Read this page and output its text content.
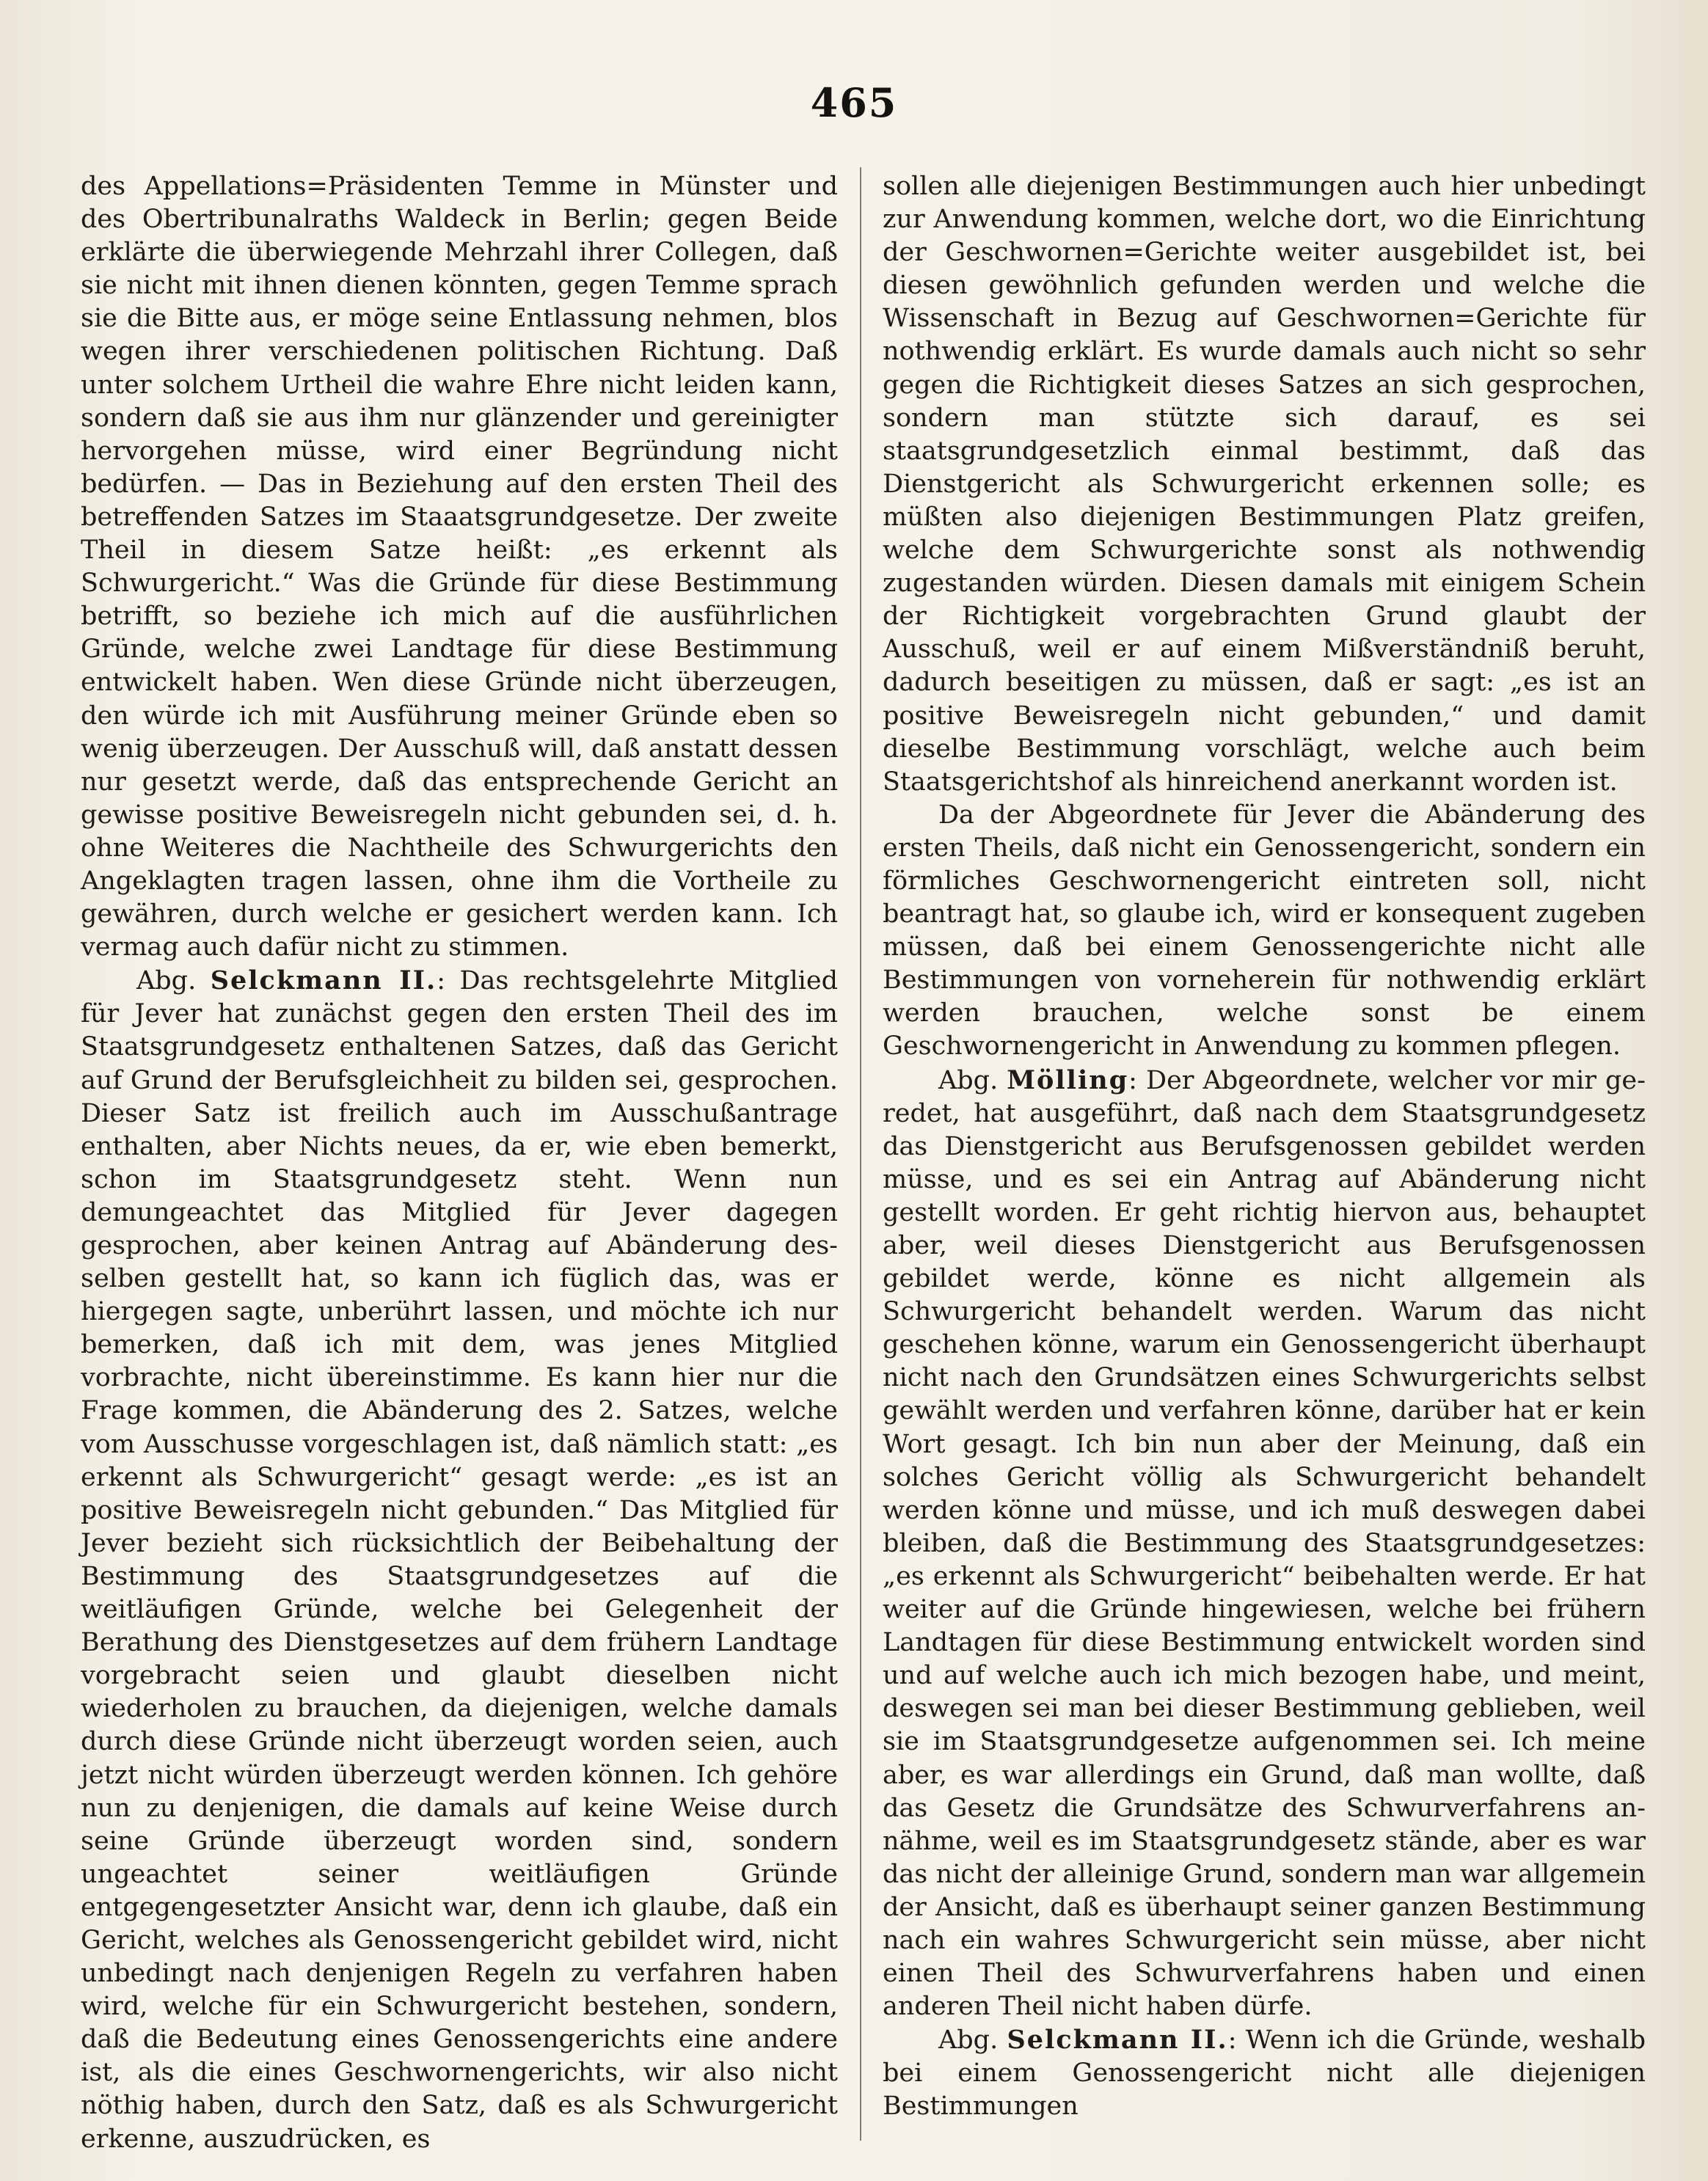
465

des Appellations=Präsidenten Temme in Münster und des Obertribunalraths Waldeck in Berlin; gegen Beide erklärte die überwiegende Mehrzahl ihrer Collegen, daß sie nicht mit ihnen dienen könnten, gegen Temme sprach sie die Bitte aus, er möge seine Entlassung nehmen, blos wegen ihrer verschiedenen politischen Richtung. Daß unter solchem Urtheil die wahre Ehre nicht leiden kann, sondern daß sie aus ihm nur glänzender und gereinigter hervorgehen müsse, wird einer Begründung nicht bedürfen. — Das in Beziehung auf den ersten Theil des betreffenden Satzes im Staaatsgrundgesetze. Der zweite Theil in diesem Satze heißt: „es erkennt als Schwurgericht.“ Was die Gründe für diese Bestimmung betrifft, so beziehe ich mich auf die ausführlichen Gründe, welche zwei Landtage für diese Bestimmung entwickelt haben. Wen diese Gründe nicht überzeugen, den würde ich mit Ausführung meiner Gründe eben so wenig überzeugen. Der Ausschuß will, daß anstatt dessen nur gesetzt werde, daß das entsprechende Gericht an gewisse positive Beweisregeln nicht gebunden sei, d. h. ohne Weiteres die Nachtheile des Schwurgerichts den Angeklagten tragen lassen, ohne ihm die Vortheile zu gewähren, durch welche er gesichert werden kann. Ich vermag auch dafür nicht zu stimmen.

Abg. Selckmann II.: Das rechtsgelehrte Mitglied für Jever hat zunächst gegen den ersten Theil des im Staatsgrundgesetz enthaltenen Satzes, daß das Gericht auf Grund der Berufsgleichheit zu bilden sei, gesprochen. Dieser Satz ist freilich auch im Ausschußantrage enthalten, aber Nichts neues, da er, wie eben bemerkt, schon im Staatsgrundgesetz steht. Wenn nun demungeachtet das Mitglied für Jever dagegen gesprochen, aber keinen Antrag auf Abänderung desselben gestellt hat, so kann ich füglich das, was er hiergegen sagte, unberührt lassen, und möchte ich nur bemerken, daß ich mit dem, was jenes Mitglied vorbrachte, nicht übereinstimme. Es kann hier nur die Frage kommen, die Abänderung des 2. Satzes, welche vom Ausschusse vorgeschlagen ist, daß nämlich statt: „es erkennt als Schwurgericht“ gesagt werde: „es ist an positive Beweisregeln nicht gebunden.“ Das Mitglied für Jever bezieht sich rücksichtlich der Beibehaltung der Bestimmung des Staatsgrundgesetzes auf die weitläufigen Gründe, welche bei Gelegenheit der Berathung des Dienstgesetzes auf dem frühern Landtage vorgebracht seien und glaubt dieselben nicht wiederholen zu brauchen, da diejenigen, welche damals durch diese Gründe nicht überzeugt worden seien, auch jetzt nicht würden überzeugt werden können. Ich gehöre nun zu denjenigen, die damals auf keine Weise durch seine Gründe überzeugt worden sind, sondern ungeachtet seiner weitläufigen Gründe entgegengesetzter Ansicht war, denn ich glaube, daß ein Gericht, welches als Genossengericht gebildet wird, nicht unbedingt nach denjenigen Regeln zu verfahren haben wird, welche für ein Schwurgericht bestehen, sondern, daß die Bedeutung eines Genossengerichts eine andere ist, als die eines Geschwornengerichts, wir also nicht nöthig haben, durch den Satz, daß es als Schwurgericht erkenne, auszudrücken, es

sollen alle diejenigen Bestimmungen auch hier unbedingt zur Anwendung kommen, welche dort, wo die Einrichtung der Geschwornen=Gerichte weiter ausgebildet ist, bei diesen gewöhnlich gefunden werden und welche die Wissenschaft in Bezug auf Geschwornen=Gerichte für nothwendig erklärt. Es wurde damals auch nicht so sehr gegen die Richtigkeit dieses Satzes an sich gesprochen, sondern man stützte sich darauf, es sei staatsgrundgesetzlich einmal bestimmt, daß das Dienstgericht als Schwurgericht erkennen solle; es müßten also diejenigen Bestimmungen Platz greifen, welche dem Schwurgerichte sonst als nothwendig zugestanden würden. Diesen damals mit einigem Schein der Richtigkeit vorgebrachten Grund glaubt der Ausschuß, weil er auf einem Mißverständniß beruht, dadurch beseitigen zu müssen, daß er sagt: „es ist an positive Beweisregeln nicht gebunden,“ und damit dieselbe Bestimmung vorschlägt, welche auch beim Staatsgerichtshof als hinreichend anerkannt worden ist.

Da der Abgeordnete für Jever die Abänderung des ersten Theils, daß nicht ein Genossengericht, sondern ein förmliches Geschwornengericht eintreten soll, nicht beantragt hat, so glaube ich, wird er konsequent zugeben müssen, daß bei einem Genossengerichte nicht alle Bestimmungen von vorneherein für nothwendig erklärt werden brauchen, welche sonst be einem Geschwornengericht in Anwendung zu kommen pflegen.

Abg. Mölling: Der Abgeordnete, welcher vor mir geredet, hat ausgeführt, daß nach dem Staatsgrundgesetz das Dienstgericht aus Berufsgenossen gebildet werden müsse, und es sei ein Antrag auf Abänderung nicht gestellt worden. Er geht richtig hiervon aus, behauptet aber, weil dieses Dienstgericht aus Berufsgenossen gebildet werde, könne es nicht allgemein als Schwurgericht behandelt werden. Warum das nicht geschehen könne, warum ein Genossengericht überhaupt nicht nach den Grundsätzen eines Schwurgerichts selbst gewählt werden und verfahren könne, darüber hat er kein Wort gesagt. Ich bin nun aber der Meinung, daß ein solches Gericht völlig als Schwurgericht behandelt werden könne und müsse, und ich muß deswegen dabei bleiben, daß die Bestimmung des Staatsgrundgesetzes: „es erkennt als Schwurgericht“ beibehalten werde. Er hat weiter auf die Gründe hingewiesen, welche bei frühern Landtagen für diese Bestimmung entwickelt worden sind und auf welche auch ich mich bezogen habe, und meint, deswegen sei man bei dieser Bestimmung geblieben, weil sie im Staatsgrundgesetze aufgenommen sei. Ich meine aber, es war allerdings ein Grund, daß man wollte, daß das Gesetz die Grundsätze des Schwurverfahrens annähme, weil es im Staatsgrundgesetz stände, aber es war das nicht der alleinige Grund, sondern man war allgemein der Ansicht, daß es überhaupt seiner ganzen Bestimmung nach ein wahres Schwurgericht sein müsse, aber nicht einen Theil des Schwurverfahrens haben und einen anderen Theil nicht haben dürfe.

Abg. Selckmann II.: Wenn ich die Gründe, weshalb bei einem Genossengericht nicht alle diejenigen Bestimmungen
